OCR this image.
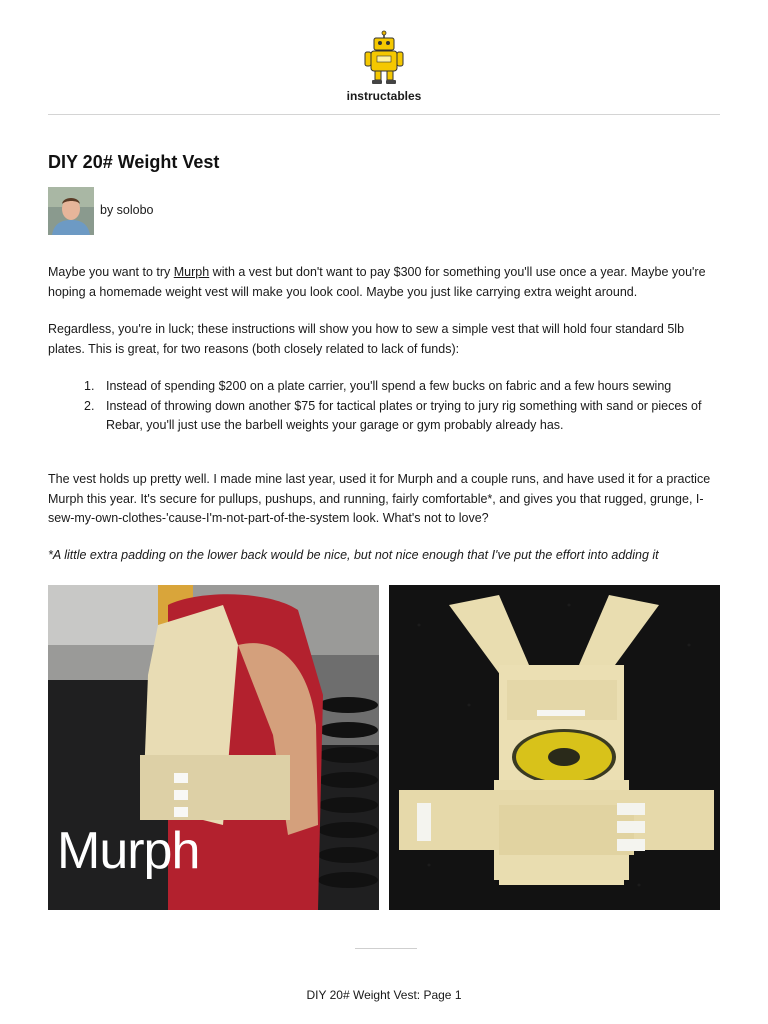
instructables
DIY 20# Weight Vest
by solobo
Maybe you want to try Murph with a vest but don't want to pay $300 for something you'll use once a year. Maybe you're hoping a homemade weight vest will make you look cool. Maybe you just like carrying extra weight around.
Regardless, you're in luck; these instructions will show you how to sew a simple vest that will hold four standard 5lb plates. This is great, for two reasons (both closely related to lack of funds):
1. Instead of spending $200 on a plate carrier, you'll spend a few bucks on fabric and a few hours sewing
2. Instead of throwing down another $75 for tactical plates or trying to jury rig something with sand or pieces of Rebar, you'll just use the barbell weights your garage or gym probably already has.
The vest holds up pretty well. I made mine last year, used it for Murph and a couple runs, and have used it for a practice Murph this year. It's secure for pullups, pushups, and running, fairly comfortable*, and gives you that rugged, grunge, I-sew-my-own-clothes-'cause-I'm-not-part-of-the-system look. What's not to love?
*A little extra padding on the lower back would be nice, but not nice enough that I've put the effort into adding it
Murph
DIY 20# Weight Vest: Page 1
